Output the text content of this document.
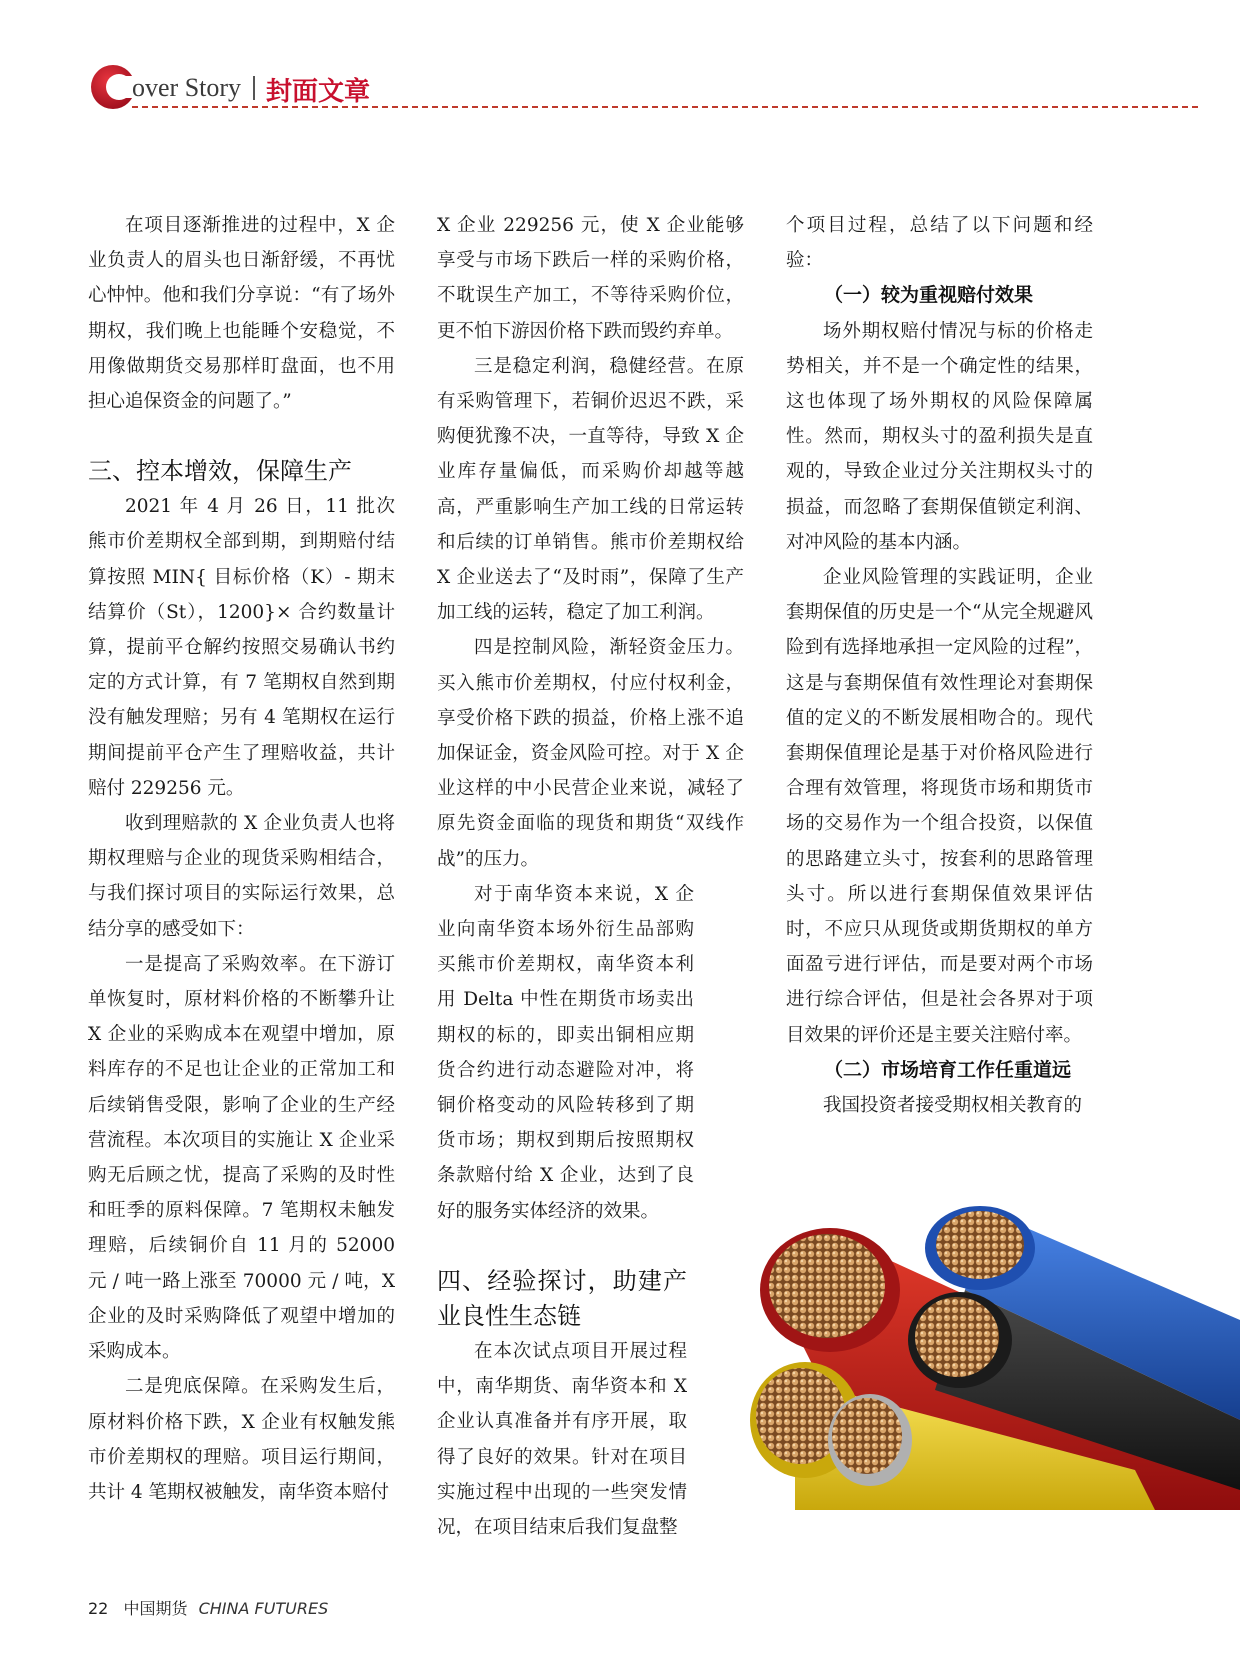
over Story 封面文章

在项目逐渐推进的过程中，X 企业负责人的眉头也日渐舒缓，不再忧心忡忡。他和我们分享说：“有了场外期权，我们晚上也能睡个安稳觉，不用像做期货交易那样盯盘面，也不用担心追保资金的问题了。”

三、控本增效，保障生产

2021 年 4 月 26 日，11 批次熊市价差期权全部到期，到期赔付结算按照 MIN{ 目标价格（K）- 期末结算价（St），1200}× 合约数量计算，提前平仓解约按照交易确认书约定的方式计算，有 7 笔期权自然到期没有触发理赔；另有 4 笔期权在运行期间提前平仓产生了理赔收益，共计赔付 229256 元。

收到理赔款的 X 企业负责人也将期权理赔与企业的现货采购相结合，与我们探讨项目的实际运行效果，总结分享的感受如下：

一是提高了采购效率。在下游订单恢复时，原材料价格的不断攀升让 X 企业的采购成本在观望中增加，原料库存的不足也让企业的正常加工和后续销售受限，影响了企业的生产经营流程。本次项目的实施让 X 企业采购无后顾之忧，提高了采购的及时性和旺季的原料保障。7 笔期权未触发理赔，后续铜价自 11 月的 52000 元 / 吨一路上涨至 70000 元 / 吨，X 企业的及时采购降低了观望中增加的采购成本。

二是兜底保障。在采购发生后，原材料价格下跌，X 企业有权触发熊市价差期权的理赔。项目运行期间，共计 4 笔期权被触发，南华资本赔付

X 企业 229256 元，使 X 企业能够享受与市场下跌后一样的采购价格，不耽误生产加工，不等待采购价位，更不怕下游因价格下跌而毁约弃单。

三是稳定利润，稳健经营。在原有采购管理下，若铜价迟迟不跌，采购便犹豫不决，一直等待，导致 X 企业库存量偏低，而采购价却越等越高，严重影响生产加工线的日常运转和后续的订单销售。熊市价差期权给 X 企业送去了“及时雨”，保障了生产加工线的运转，稳定了加工利润。

四是控制风险，渐轻资金压力。买入熊市价差期权，付应付权利金，享受价格下跌的损益，价格上涨不追加保证金，资金风险可控。对于 X 企业这样的中小民营企业来说，减轻了原先资金面临的现货和期货“双线作战”的压力。

对于南华资本来说，X 企业向南华资本场外衍生品部购买熊市价差期权，南华资本利用 Delta 中性在期货市场卖出期权的标的，即卖出铜相应期货合约进行动态避险对冲，将铜价格变动的风险转移到了期货市场；期权到期后按照期权条款赔付给 X 企业，达到了良好的服务实体经济的效果。

四、经验探讨，助建产业良性生态链

在本次试点项目开展过程中，南华期货、南华资本和 X 企业认真准备并有序开展，取得了良好的效果。针对在项目实施过程中出现的一些突发情况，在项目结束后我们复盘整

个项目过程，总结了以下问题和经验：

（一）较为重视赔付效果

场外期权赔付情况与标的价格走势相关，并不是一个确定性的结果，这也体现了场外期权的风险保障属性。然而，期权头寸的盈利损失是直观的，导致企业过分关注期权头寸的损益，而忽略了套期保值锁定利润、对冲风险的基本内涵。

企业风险管理的实践证明，企业套期保值的历史是一个“从完全规避风险到有选择地承担一定风险的过程”，这是与套期保值有效性理论对套期保值的定义的不断发展相吻合的。现代套期保值理论是基于对价格风险进行合理有效管理，将现货市场和期货市场的交易作为一个组合投资，以保值的思路建立头寸，按套利的思路管理头寸。所以进行套期保值效果评估时，不应只从现货或期货期权的单方面盈亏进行评估，而是要对两个市场进行综合评估，但是社会各界对于项目效果的评价还是主要关注赔付率。

（二）市场培育工作任重道远

我国投资者接受期权相关教育的

22 中国期货 CHINA FUTURES
